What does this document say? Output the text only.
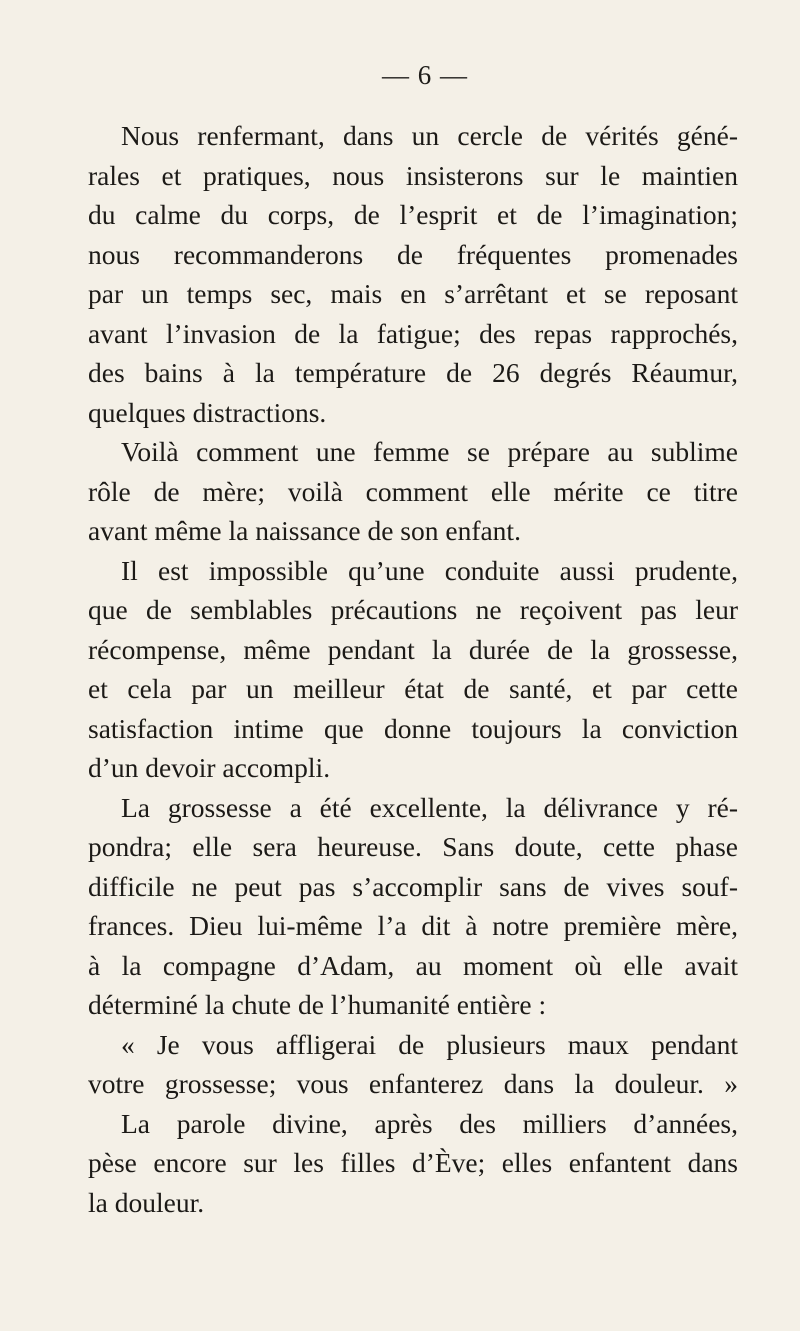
— 6 —
Nous renfermant, dans un cercle de vérités géné-
rales et pratiques, nous insisterons sur le maintien
du calme du corps, de l’esprit et de l’imagination;
nous recommanderons de fréquentes promenades
par un temps sec, mais en s’arrêtant et se reposant
avant l’invasion de la fatigue; des repas rapprochés,
des bains à la température de 26 degrés Réaumur,
quelques distractions.
Voilà comment une femme se prépare au sublime
rôle de mère; voilà comment elle mérite ce titre
avant même la naissance de son enfant.
Il est impossible qu’une conduite aussi prudente,
que de semblables précautions ne reçoivent pas leur
récompense, même pendant la durée de la grossesse,
et cela par un meilleur état de santé, et par cette
satisfaction intime que donne toujours la conviction
d’un devoir accompli.
La grossesse a été excellente, la délivrance y ré-
pondra; elle sera heureuse. Sans doute, cette phase
difficile ne peut pas s’accomplir sans de vives souf-
frances. Dieu lui-même l’a dit à notre première mère,
à la compagne d’Adam, au moment où elle avait
déterminé la chute de l’humanité entière :
« Je vous affligerai de plusieurs maux pendant
votre grossesse; vous enfanterez dans la douleur. »
La parole divine, après des milliers d’années,
pèse encore sur les filles d’Ève; elles enfantent dans
la douleur.
